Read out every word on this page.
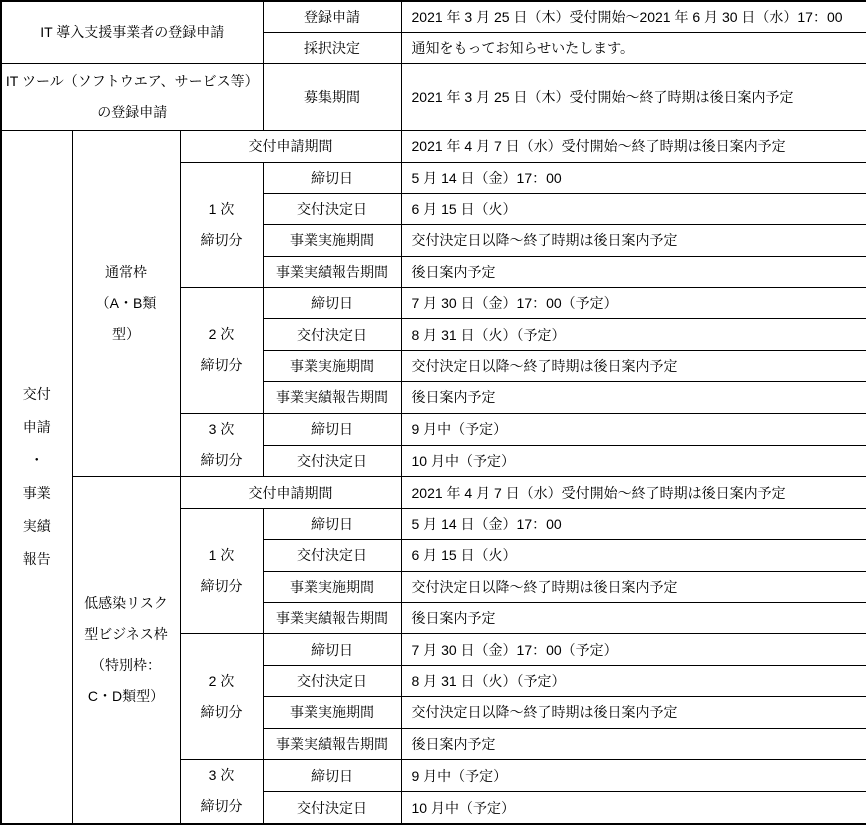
IT 導入支援事業者の登録申請			登録申請	2021 年 3 月 25 日（木）受付開始～2021 年 6 月 30 日（水）17：00
			採択決定	通知をもってお知らせいたします。

IT ツール（ソフトウエア、サービス等）
の登録申請			募集期間	2021 年 3 月 25 日（木）受付開始～終了時期は後日案内予定

交付
申請
・
事業
実績
報告

通常枠
（A・B類
型）
	交付申請期間	2021 年 4 月 7 日（水）受付開始～終了時期は後日案内予定

		1 次
締切分	締切日	5 月 14 日（金）17：00
			交付決定日	6 月 15 日（火）
			事業実施期間	交付決定日以降～終了時期は後日案内予定
			事業実績報告期間	後日案内予定

		2 次
締切分	締切日	7 月 30 日（金）17：00（予定）
			交付決定日	8 月 31 日（火）（予定）
			事業実施期間	交付決定日以降～終了時期は後日案内予定
			事業実績報告期間	後日案内予定

		3 次
締切分	締切日	9 月中（予定）
			交付決定日	10 月中（予定）

	低感染リスク
型ビジネス枠
（特別枠：
C・D類型）	交付申請期間		2021 年 4 月 7 日（水）受付開始～終了時期は後日案内予定

		1 次
締切分	締切日	5 月 14 日（金）17：00
			交付決定日	6 月 15 日（火）
			事業実施期間	交付決定日以降～終了時期は後日案内予定
			事業実績報告期間	後日案内予定

		2 次
締切分	締切日	7 月 30 日（金）17：00（予定）
			交付決定日	8 月 31 日（火）（予定）
			事業実施期間	交付決定日以降～終了時期は後日案内予定
			事業実績報告期間	後日案内予定

		3 次
締切分	締切日	9 月中（予定）
			交付決定日	10 月中（予定）
